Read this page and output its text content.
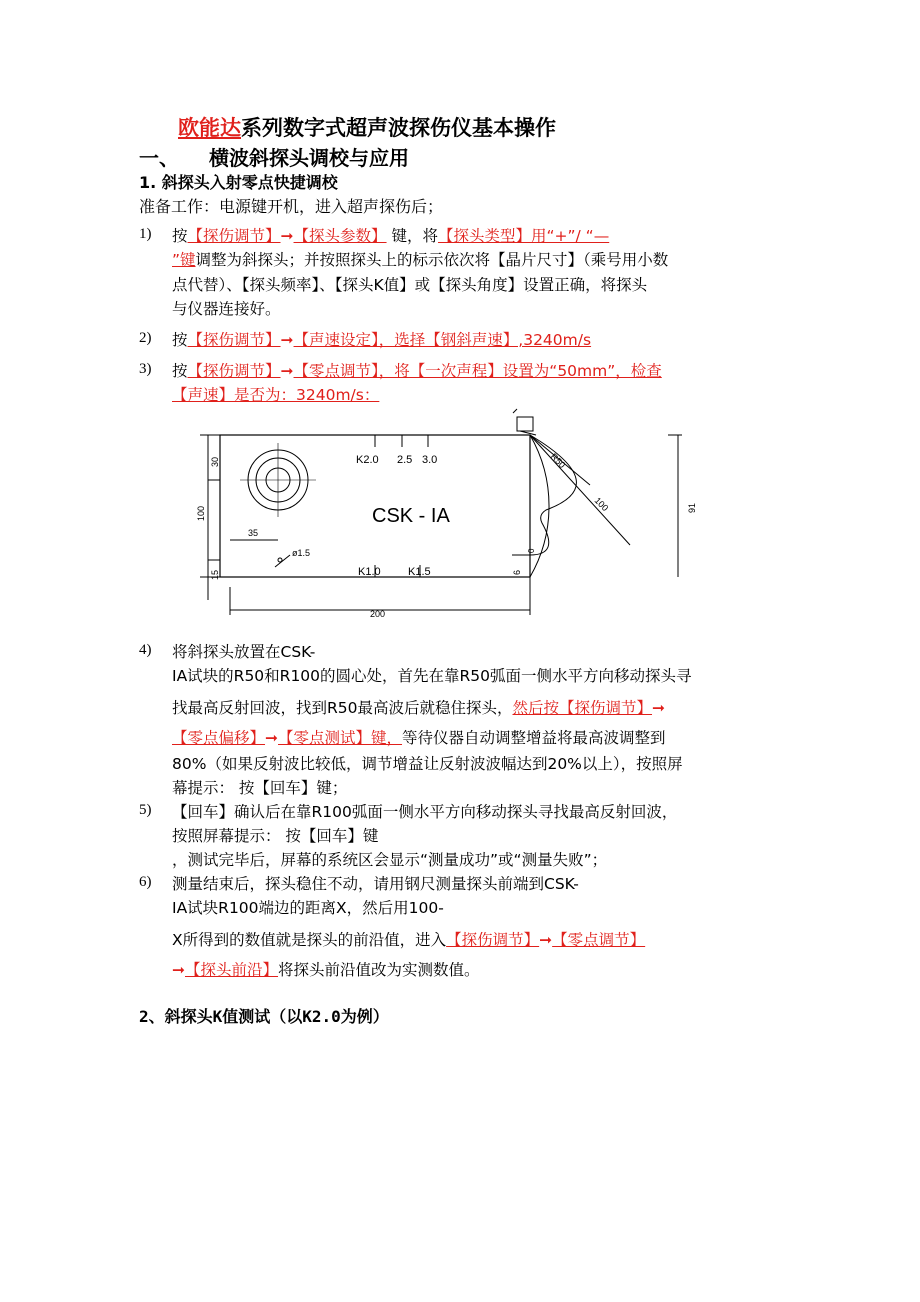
欧能达系列数字式超声波探伤仪基本操作
一、 横波斜探头调校与应用
1. 斜探头入射零点快捷调校
准备工作：电源键开机，进入超声探伤后；
1) 按【探伤调节】➞【探头参数】 键，将【探头类型】用“+”/ “—
”键调整为斜探头；并按照探头上的标示依次将【晶片尺寸】（乘号用小数
点代替）、【探头频率】、【探头K值】或【探头角度】设置正确，将探头
与仪器连接好。
2) 按【探伤调节】➞【声速设定】，选择【钢斜声速】,3240m/s
3) 按【探伤调节】➞【零点调节】，将【一次声程】设置为“50mm”，检查
【声速】是否为：3240m/s：
CSK - IA
K2.0 2.5 3.0
K1.0 K1.5
35
ø1.5
200
30
100
15
R50
100	91
6
0
4) 将斜探头放置在CSK-
IA试块的R50和R100的圆心处，首先在靠R50弧面一侧水平方向移动探头寻
找最高反射回波，找到R50最高波后就稳住探头，然后按【探伤调节】➞
【零点偏移】➞【零点测试】键，等待仪器自动调整增益将最高波调整到
80%（如果反射波比较低，调节增益让反射波波幅达到20%以上），按照屏
幕提示： 按【回车】键；
5) 【回车】确认后在靠R100弧面一侧水平方向移动探头寻找最高反射回波，
按照屏幕提示： 按【回车】键
，测试完毕后，屏幕的系统区会显示“测量成功”或“测量失败”；
6) 测量结束后，探头稳住不动，请用钢尺测量探头前端到CSK-
IA试块R100端边的距离X，然后用100-
X所得到的数值就是探头的前沿值，进入【探伤调节】➞【零点调节】
➞【探头前沿】将探头前沿值改为实测数值。
2、斜探头K值测试（以K2.0为例）
